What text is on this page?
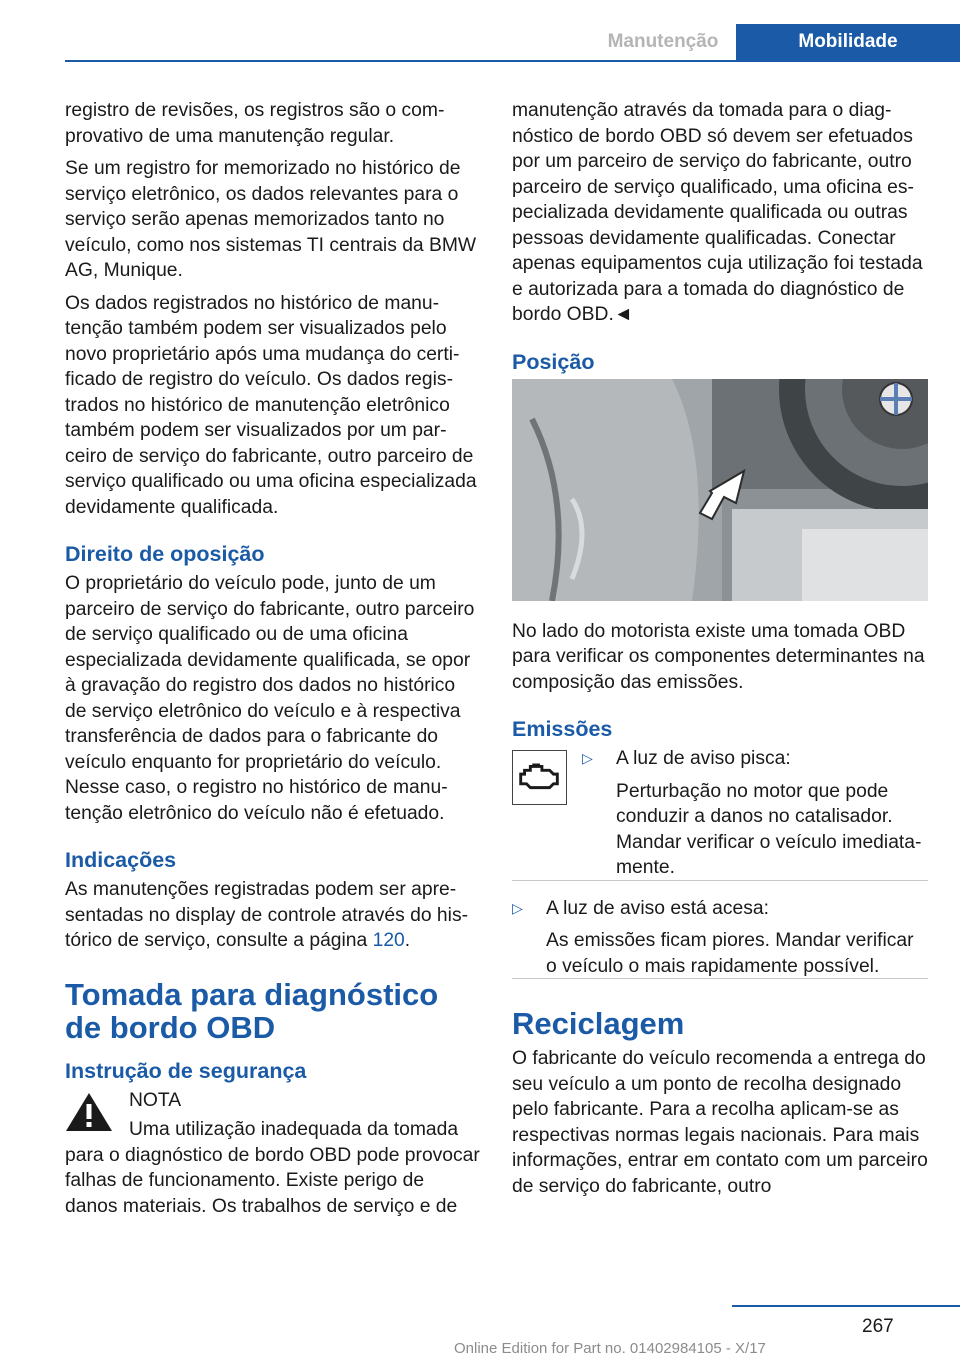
Manutenção	Mobilidade

registro de revisões, os registros são o comprovativo de uma manutenção regular.

Se um registro for memorizado no histórico de serviço eletrônico, os dados relevantes para o serviço serão apenas memorizados tanto no veículo, como nos sistemas TI centrais da BMW AG, Munique.

Os dados registrados no histórico de manutenção também podem ser visualizados pelo novo proprietário após uma mudança do certificado de registro do veículo. Os dados registrados no histórico de manutenção eletrônico também podem ser visualizados por um parceiro de serviço do fabricante, outro parceiro de serviço qualificado ou uma oficina especializada devidamente qualificada.

Direito de oposição

O proprietário do veículo pode, junto de um parceiro de serviço do fabricante, outro parceiro de serviço qualificado ou de uma oficina especializada devidamente qualificada, se opor à gravação do registro dos dados no histórico de serviço eletrônico do veículo e à respectiva transferência de dados para o fabricante do veículo enquanto for proprietário do veículo. Nesse caso, o registro no histórico de manutenção eletrônico do veículo não é efetuado.

Indicações

As manutenções registradas podem ser apresentadas no display de controle através do histórico de serviço, consulte a página 120.

Tomada para diagnóstico de bordo OBD
Instrução de segurança
NOTA

Uma utilização inadequada da tomada para o diagnóstico de bordo OBD pode provocar falhas de funcionamento. Existe perigo de danos materiais. Os trabalhos de serviço e de

manutenção através da tomada para o diagnóstico de bordo OBD só devem ser efetuados por um parceiro de serviço do fabricante, outro parceiro de serviço qualificado, uma oficina especializada devidamente qualificada ou outras pessoas devidamente qualificadas. Conectar apenas equipamentos cuja utilização foi testada e autorizada para a tomada do diagnóstico de bordo OBD.◄

Posição

No lado do motorista existe uma tomada OBD para verificar os componentes determinantes na composição das emissões.

Emissões
▷ A luz de aviso pisca:

Perturbação no motor que pode conduzir a danos no catalisador. Mandar verificar o veículo imediatamente.

▷ A luz de aviso está acesa:

As emissões ficam piores. Mandar verificar o veículo o mais rapidamente possível.

Reciclagem

O fabricante do veículo recomenda a entrega do seu veículo a um ponto de recolha designado pelo fabricante. Para a recolha aplicam-se as respectivas normas legais nacionais. Para mais informações, entrar em contato com um parceiro de serviço do fabricante, outro

267
Online Edition for Part no. 01402984105 - X/17
